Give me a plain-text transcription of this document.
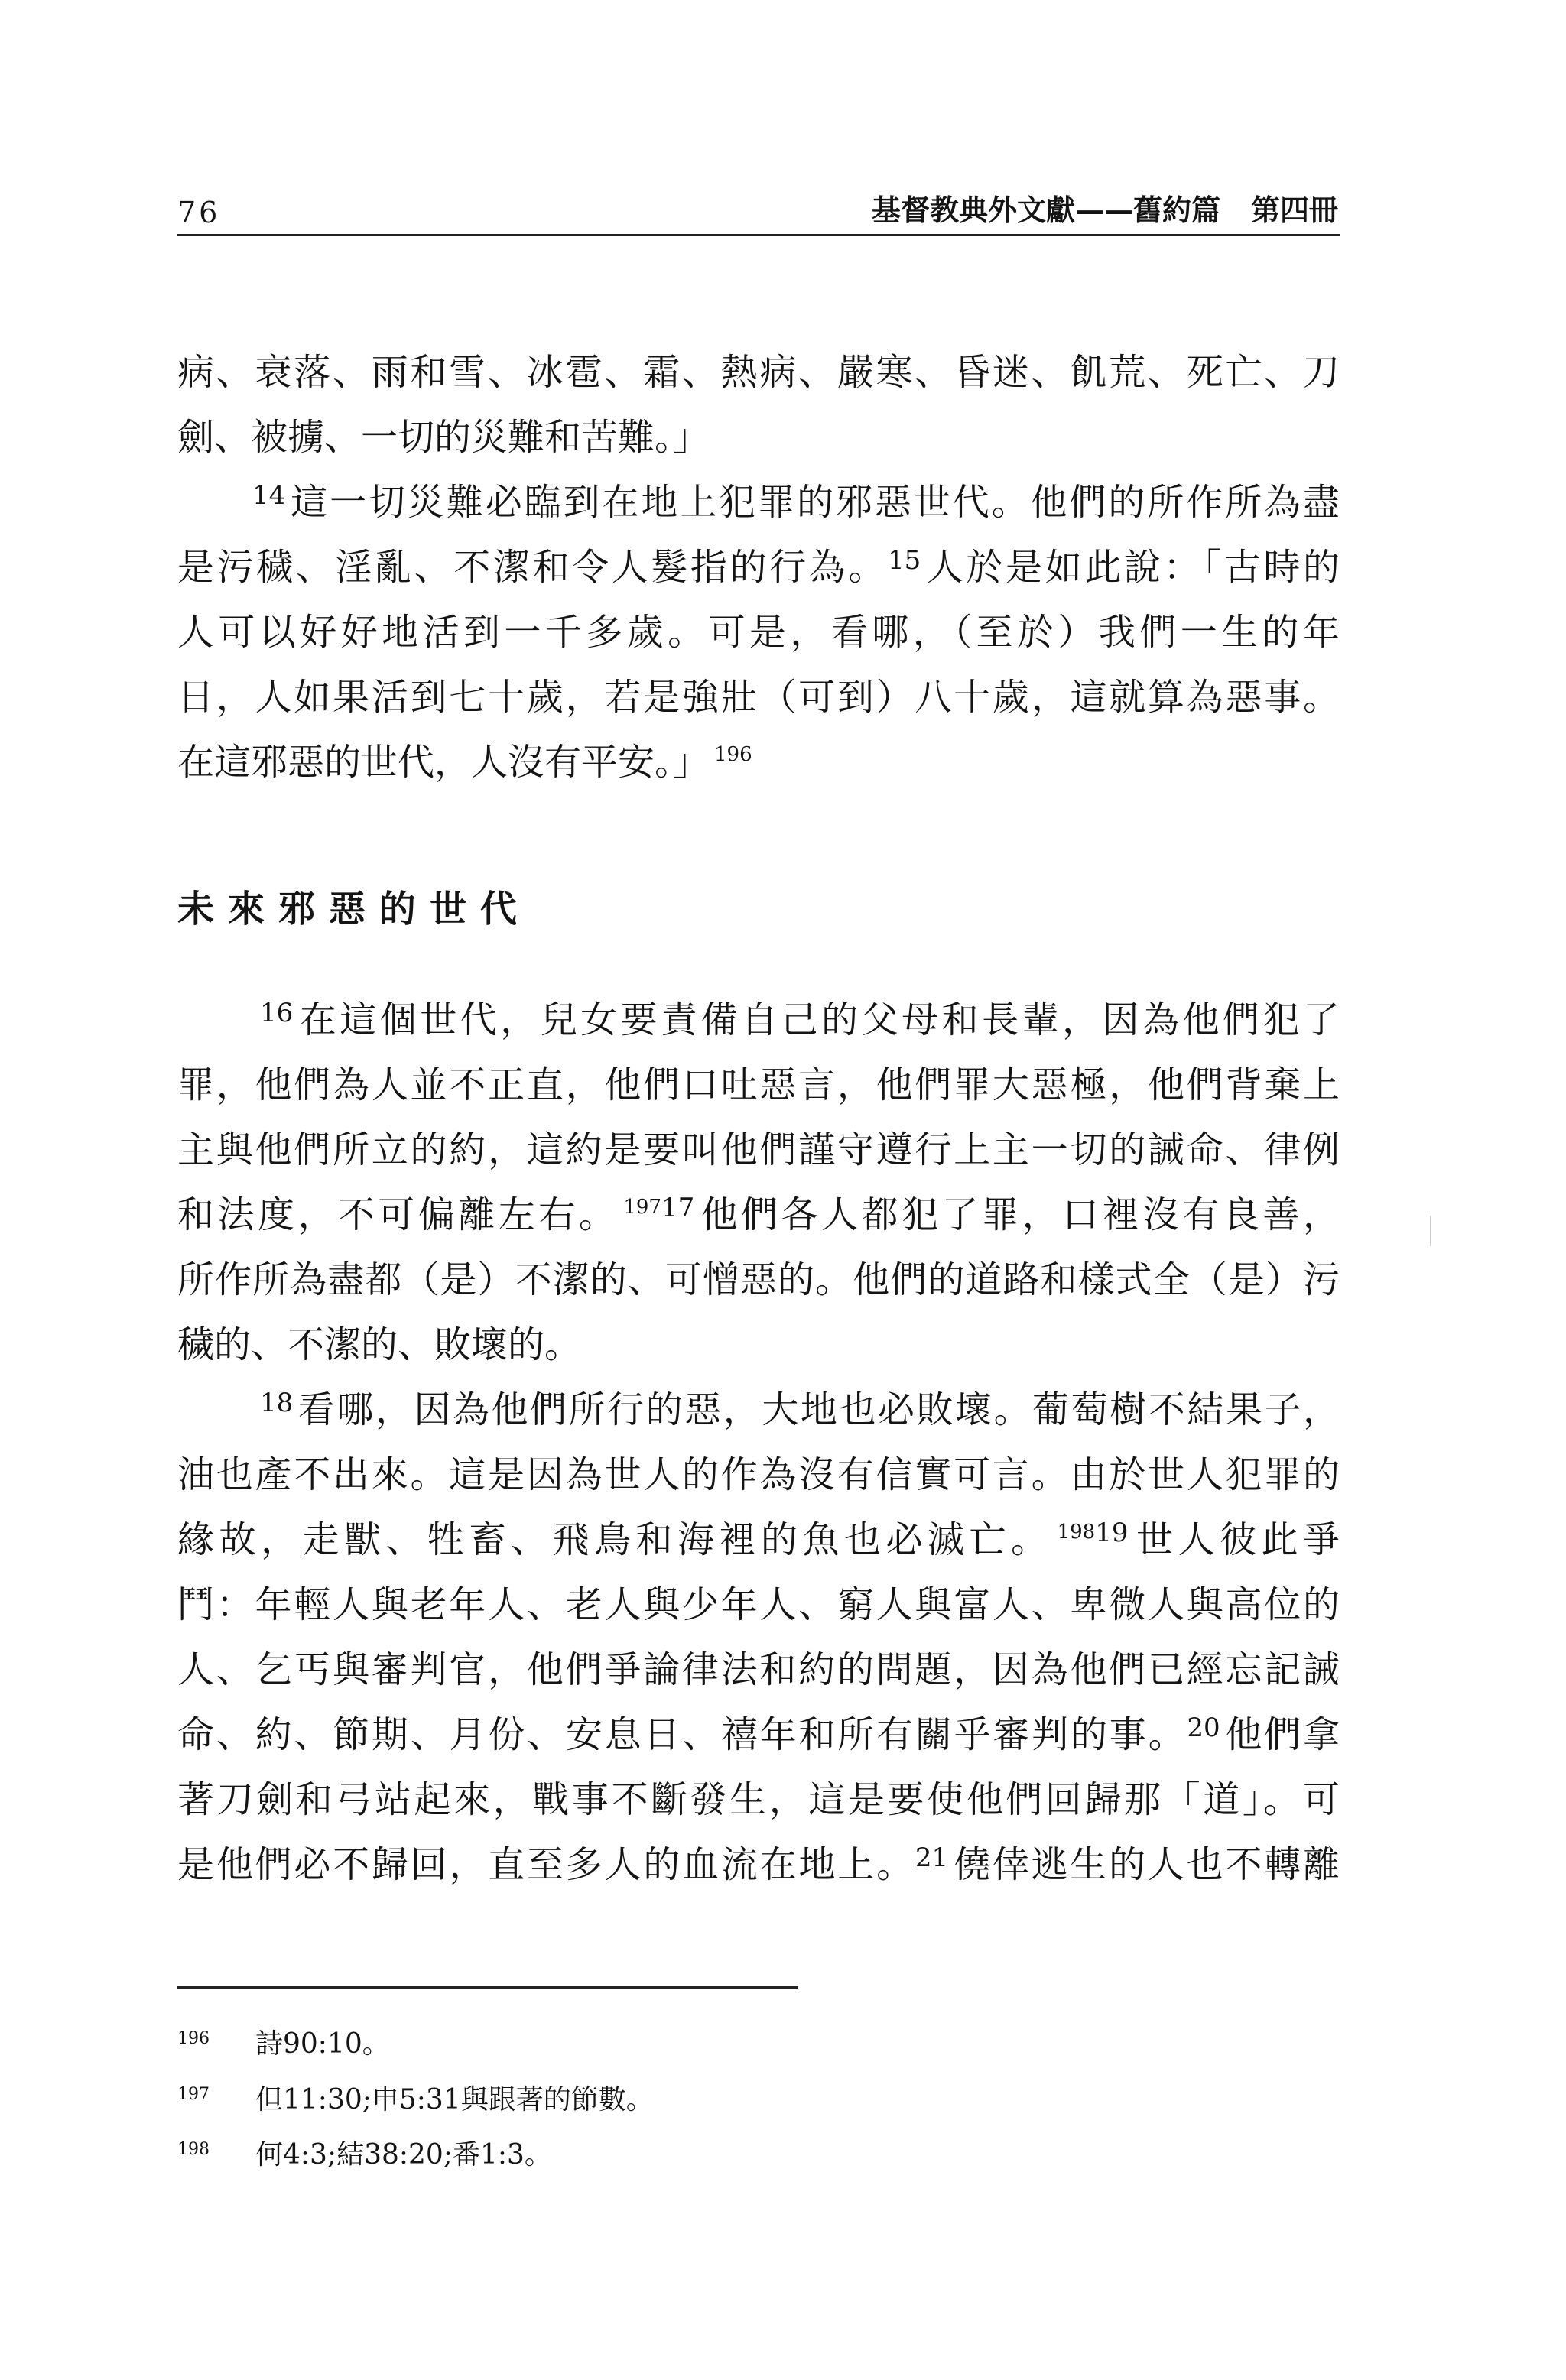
76	基督教典外文獻——舊約篇 第四冊
病、衰落、雨和雪、冰雹、霜、熱病、嚴寒、昏迷、飢荒、死亡、刀
劍、被擄、一切的災難和苦難。」
$^{14}$這一切災難必臨到在地上犯罪的邪惡世代。他們的所作所為盡
是污穢、淫亂、不潔和令人髮指的行為。$^{15}$人於是如此說：「古時的
人可以好好地活到一千多歲。可是，看哪，（至於）我們一生的年
日，人如果活到七十歲，若是強壯（可到）八十歲，這就算為惡事。
在這邪惡的世代，人沒有平安。」 $^{196}$
未來邪惡的世代
$^{16}$在這個世代，兒女要責備自己的父母和長輩，因為他們犯了
罪，他們為人並不正直，他們口吐惡言，他們罪大惡極，他們背棄上
主與他們所立的約，這約是要叫他們謹守遵行上主一切的誡命、律例
和法度，不可偏離左右。 $^{19717}$他們各人都犯了罪，口裡沒有良善，
所作所為盡都（是）不潔的、可憎惡的。他們的道路和樣式全（是）污
穢的、不潔的、敗壞的。
$^{18}$看哪，因為他們所行的惡，大地也必敗壞。葡萄樹不結果子，
油也產不出來。這是因為世人的作為沒有信實可言。由於世人犯罪的
緣故，走獸、牲畜、飛鳥和海裡的魚也必滅亡。 $^{19819}$世人彼此爭
鬥：年輕人與老年人、老人與少年人、窮人與富人、卑微人與高位的
人、乞丐與審判官，他們爭論律法和約的問題，因為他們已經忘記誡
命、約、節期、月份、安息日、禧年和所有關乎審判的事。$^{20}$他們拿
著刀劍和弓站起來，戰事不斷發生，這是要使他們回歸那「道」。可
是他們必不歸回，直至多人的血流在地上。$^{21}$僥倖逃生的人也不轉離
196 詩90:10。
197 但11:30;申5:31與跟著的節數。
198 何4:3;結38:20;番1:3。
